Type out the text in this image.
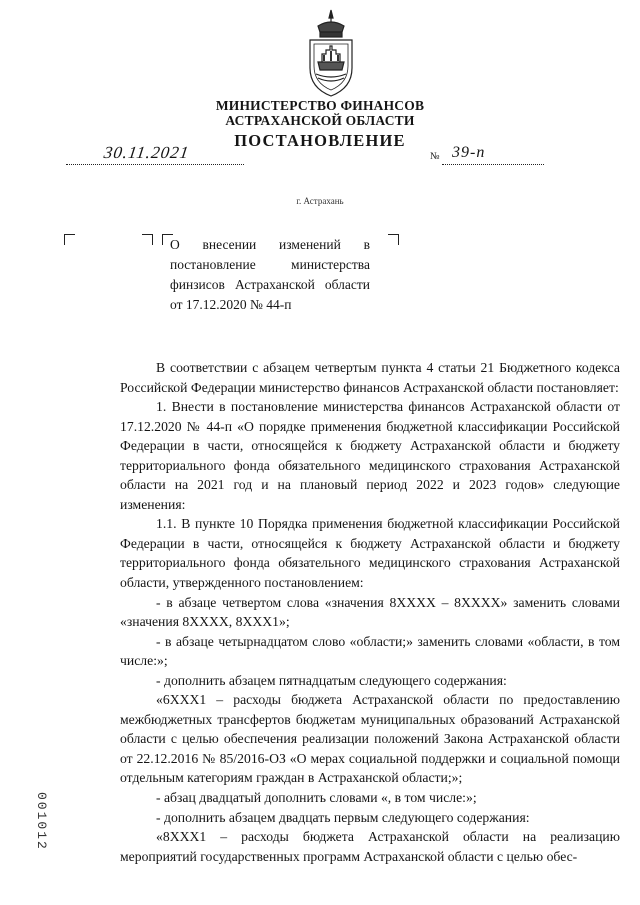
МИНИСТЕРСТВО ФИНАНСОВ
АСТРАХАНСКОЙ ОБЛАСТИ
ПОСТАНОВЛЕНИЕ
30.11.2021	№ 39-п
г. Астрахань
О внесении изменений в постановление министерства финзисов Астраханской области от 17.12.2020 № 44-п

В соответствии с абзацем четвертым пункта 4 статьи 21 Бюджетного кодекса Российской Федерации министерство финансов Астраханской области постановляет:

1. Внести в постановление министерства финансов Астраханской области от 17.12.2020 № 44-п «О порядке применения бюджетной классификации Российской Федерации в части, относящейся к бюджету Астраханской области и бюджету территориального фонда обязательного медицинского страхования Астраханской области на 2021 год и на плановый период 2022 и 2023 годов» следующие изменения:

1.1. В пункте 10 Порядка применения бюджетной классификации Российской Федерации в части, относящейся к бюджету Астраханской области и бюджету территориального фонда обязательного медицинского страхования Астраханской области, утвержденного постановлением:

- в абзаце четвертом слова «значения 8XXXX – 8XXXX» заменить словами «значения 8XXXX, 8XXX1»;

- в абзаце четырнадцатом слово «области;» заменить словами «области, в том числе:»;

- дополнить абзацем пятнадцатым следующего содержания:

«6XXX1 – расходы бюджета Астраханской области по предоставлению межбюджетных трансфертов бюджетам муниципальных образований Астраханской области с целью обеспечения реализации положений Закона Астраханской области от 22.12.2016 № 85/2016-ОЗ «О мерах социальной поддержки и социальной помощи отдельным категориям граждан в Астраханской области;»;

- абзац двадцатый дополнить словами «, в том числе:»;

- дополнить абзацем двадцать первым следующего содержания:

«8XXX1 – расходы бюджета Астраханской области на реализацию мероприятий государственных программ Астраханской области с целью обес-

001012
